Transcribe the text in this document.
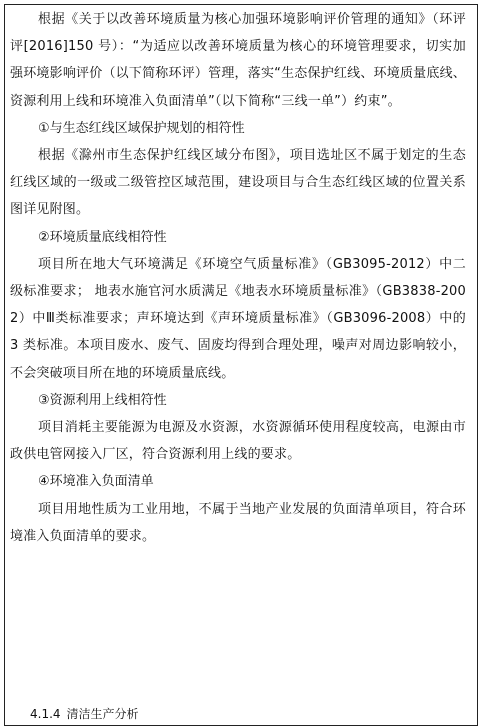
根据《关于以改善环境质量为核心加强环境影响评价管理的通知》（环评评[2016]150 号）：“为适应以改善环境质量为核心的环境管理要求，切实加强环境影响评价（以下简称环评）管理，落实“生态保护红线、环境质量底线、资源利用上线和环境准入负面清单”（以下简称“三线一单”）约束”。

①与生态红线区域保护规划的相符性

根据《滁州市生态保护红线区域分布图》，项目选址区不属于划定的生态红线区域的一级或二级管控区域范围，建设项目与合生态红线区域的位置关系图详见附图。

②环境质量底线相符性

项目所在地大气环境满足《环境空气质量标准》（GB3095-2012）中二级标准要求； 地表水施官河水质满足《地表水环境质量标准》（GB3838-2002）中Ⅲ类标准要求；声环境达到《声环境质量标准》（GB3096-2008）中的 3 类标准。本项目废水、废气、固废均得到合理处理，噪声对周边影响较小，不会突破项目所在地的环境质量底线。

③资源利用上线相符性

项目消耗主要能源为电源及水资源，水资源循环使用程度较高，电源由市政供电管网接入厂区，符合资源利用上线的要求。

④环境准入负面清单

项目用地性质为工业用地，不属于当地产业发展的负面清单项目，符合环境准入负面清单的要求。

4.1.4 清洁生产分析
